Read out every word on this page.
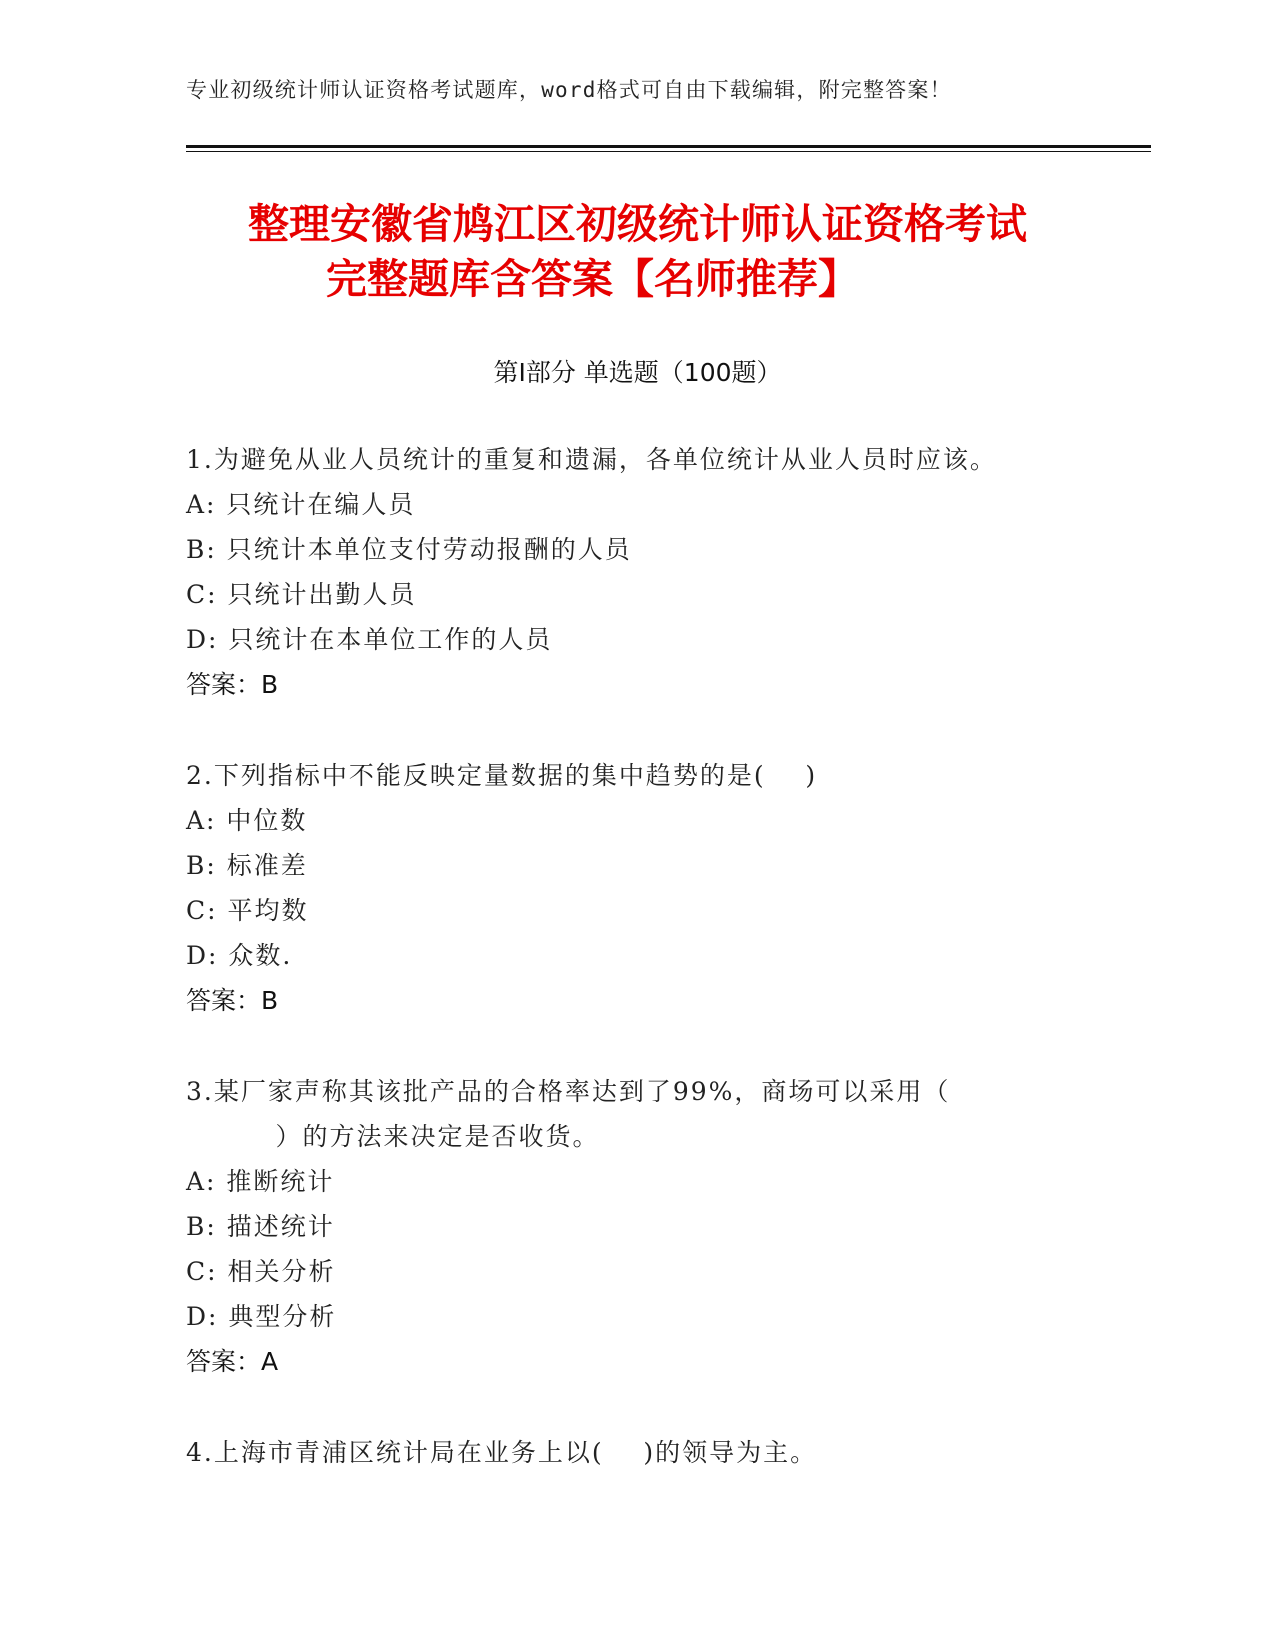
专业初级统计师认证资格考试题库，word格式可自由下载编辑，附完整答案！
整理安徽省鸠江区初级统计师认证资格考试
完整题库含答案【名师推荐】
第Ⅰ部分 单选题（100题）

1.为避免从业人员统计的重复和遗漏，各单位统计从业人员时应该。

A: 只统计在编人员

B: 只统计本单位支付劳动报酬的人员

C: 只统计出勤人员

D: 只统计在本单位工作的人员

答案：B

2.下列指标中不能反映定量数据的集中趋势的是(    )

A: 中位数

B: 标准差

C: 平均数

D: 众数.

答案：B

3.某厂家声称其该批产品的合格率达到了99%，商场可以采用（
）的方法来决定是否收货。

A: 推断统计

B: 描述统计

C: 相关分析

D: 典型分析

答案：A

4.上海市青浦区统计局在业务上以(    )的领导为主。
